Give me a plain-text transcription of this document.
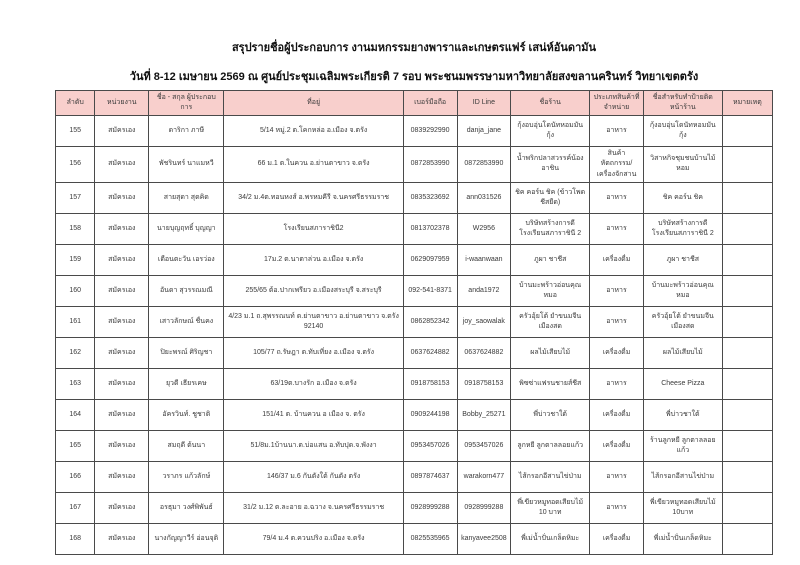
สรุปรายชื่อผู้ประกอบการ งานมหกรรมยางพาราและเกษตรแฟร์ เสน่ห์อันดามัน
วันที่ 8-12 เมษายน 2569 ณ ศูนย์ประชุมเฉลิมพระเกียรติ 7 รอบ พระชนมพรรษามหาวิทยาลัยสงขลานครินทร์ วิทยาเขตตรัง
ลำดับ	หน่วยงาน	ชื่อ - สกุล ผู้ประกอบการ	ที่อยู่	เบอร์มือถือ	ID Line	ชื่อร้าน	ประเภทสินค้าที่จำหน่าย	ชื่อสำหรับทำป้ายติดหน้าร้าน	หมายเหตุ
155	สมัครเอง	ดาริกา ภาษี	5/14 หมู่.2 ต.โคกหล่อ อ.เมือง จ.ตรัง	0839292990	danja_jane	กุ้งอบอุ่นโดนัทหอมมันกุ้ง	อาหาร	กุ้งอบอุ่นโดนัทหอมมันกุ้ง	
156	สมัครเอง	พัชรินทร์ นาแมหวี	66 ม.1 ต.ในควน อ.ย่านตาขาว จ.ตรัง	0872853990	0872853990	น้ำพริกปลาสวรรค์น้องอาชิน	สินค้าหัตถกรรม/เครื่องจักสาน	วิสาหกิจชุมชนบ้านไม้หอม	
157	สมัครเอง	สายสุดา สุดคิด	34/2 ม.4ต.ทอนหงส์ อ.พรหมคีรี จ.นครศรีธรรมราช	0835323692	ann031526	ชิค คอร์น ชิค (ข้าวโพดชีสยืด)	อาหาร	ชิค คอร์น ชิค	
158	สมัครเอง	นายบุญฤทธิ์ บุญญา	โรงเรียนสภาราชินี2	0813702378	W2956	บริษัทสร้างการดี โรงเรียนสภาราชินี 2	อาหาร	บริษัทสร้างการดี โรงเรียนสภาราชินี 2	
159	สมัครเอง	เตือนตะวัน เอรว่อง	17ม.2 ต.นาตาล่วน อ.เมือง จ.ตรัง	0629097959	i-waanwaan	ภูผา ชาชีส	เครื่องดื่ม	ภูผา ชาชีส	
160	สมัครเอง	อันดา สุวรรณมณี	255/65 ต้อ.ปากเพรียว อ.เมืองสระบุรี จ.สระบุรี	092-541-8371	anda1972	บ้านมะพร้าวอ่อนคุณหมอ	อาหาร	บ้านมะพร้าวอ่อนคุณหมอ	
161	สมัครเอง	เสาวลักษณ์ ชื่นคง	4/23 ม.1 ถ.สุพรรณนท์ ต.ย่านตาขาว อ.ย่านตาขาว จ.ตรัง 92140	0862852342	joy_saowalak	ครัวอุ้ยโต้ ยำขนมจีนเมืองสด	อาหาร	ครัวอุ้ยโต้ ยำขนมจีนเมืองสด	
162	สมัครเอง	ปิยะพรณ์ ศิริญชา	105/77 ถ.รัษฎา ต.ทับเที่ยง อ.เมือง จ.ตรัง	0637624882	0637624882	ผลไม้เสียบไม้	เครื่องดื่ม	ผลไม้เสียบไม้	
163	สมัครเอง	ยุวดี เธียรเคษ	63/19ต.บางรัก อ.เมือง จ.ตรัง	0918758153	0918758153	พิซซ่าแฟรนชายส์ชีส	อาหาร	Cheese Pizza	
164	สมัครเอง	อัครวินท์. ชูชาติ	151/41 ต. บ้านควน อ เมือง จ. ตรัง	0909244198	Bobby_25271	พี่บ่าวชาใต้	เครื่องดื่ม	พี่บ่าวชาใต้	
165	สมัครเอง	สมฤดี ต้นนา	51/8ม.1บ้านนา.ต.บ่อแสน อ.ทับปุด.จ.พังงา	0953457026	0953457026	ลูกหยี ลูกตาลลอยแก้ว	เครื่องดื่ม	ร้านลูกหยี ลูกตาลลอยแก้ว	
166	สมัครเอง	วราภร แก้วลักษ์	146/37 ม.6 กันตังใต้ กันตัง ตรัง	0897874637	warakorn477	ไส้กรอกอีสานไข่ป่าม	อาหาร	ไส้กรอกอีสานไข่ป่าม	
167	สมัครเอง	อรธุมา วงศ์พิพันธ์	31/2 ม.12 ต.ละอาย อ.ฉวาง จ.นครศรีธรรมราช	0928999288	0928999288	พี่เขียวหมูทอดเสียบไม้ 10 บาท	อาหาร	พี่เขียวหมูทอดเสียบไม้ 10บาท	
168	สมัครเอง	นางกัญญาวีร์ อ่อนจุติ	79/4 ม.4 ต.ควนปริง อ.เมือง จ.ตรัง	0825535965	kanyavee2508	พี่เม่น้ำปั่นเกล็ดหิมะ	เครื่องดื่ม	พี่เม่น้ำปั่นเกล็ดหิมะ	
